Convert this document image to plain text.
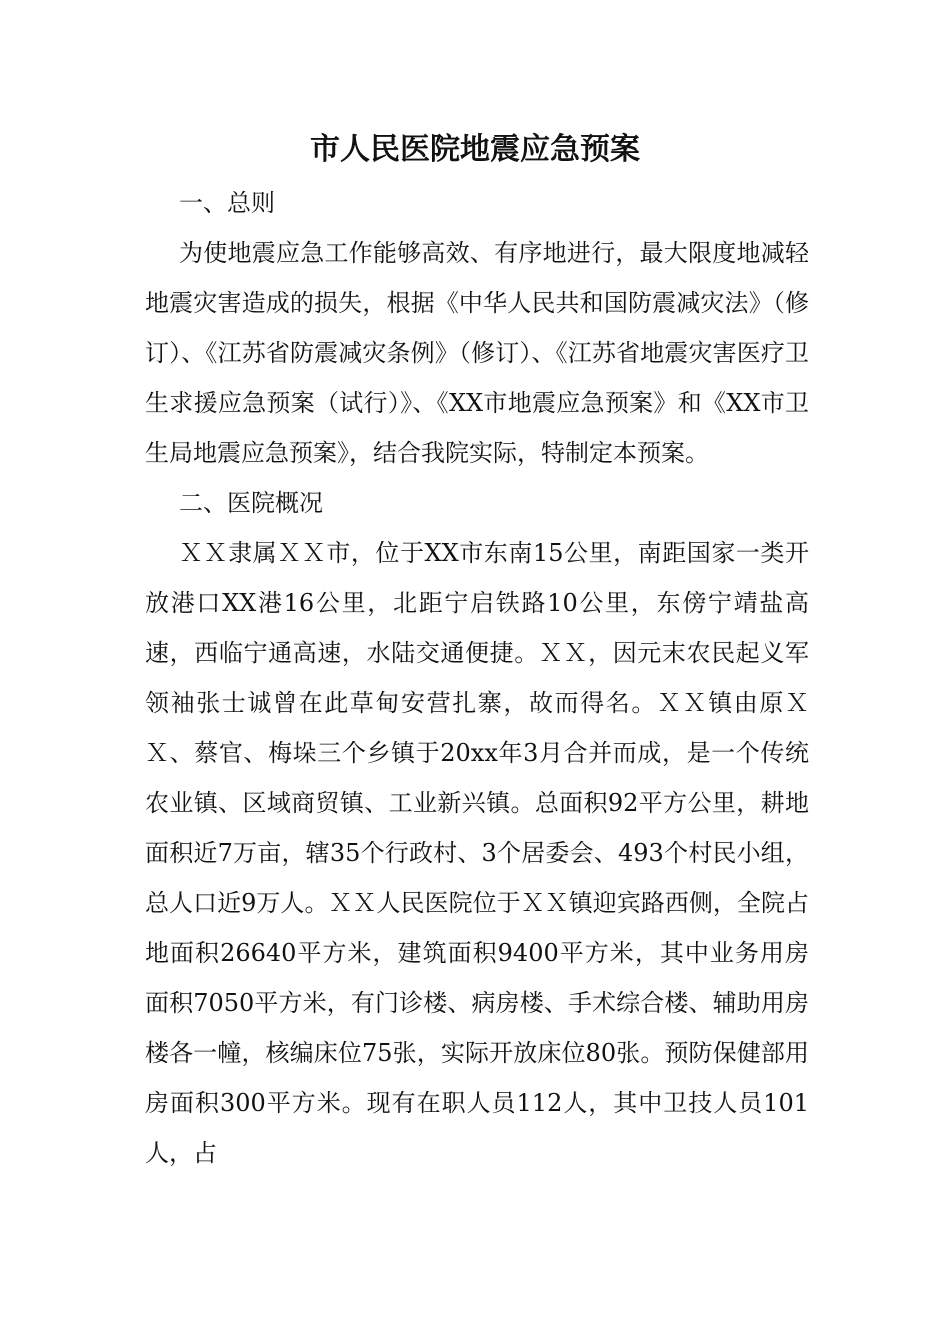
市人民医院地震应急预案

一、总则

为使地震应急工作能够高效、有序地进行，最大限度地减轻地震灾害造成的损失，根据《中华人民共和国防震减灾法》（修订）、《江苏省防震减灾条例》（修订）、《江苏省地震灾害医疗卫生求援应急预案（试行）》、《XX市地震应急预案》和《XX市卫生局地震应急预案》，结合我院实际，特制定本预案。

二、医院概况

ＸＸ隶属ＸＸ市，位于XX市东南15公里，南距国家一类开放港口XX港16公里，北距宁启铁路10公里，东傍宁靖盐高速，西临宁通高速，水陆交通便捷。ＸＸ，因元末农民起义军领袖张士诚曾在此草甸安营扎寨，故而得名。ＸＸ镇由原ＸＸ、蔡官、梅垛三个乡镇于20xx年3月合并而成，是一个传统农业镇、区域商贸镇、工业新兴镇。总面积92平方公里，耕地面积近7万亩，辖35个行政村、3个居委会、493个村民小组，总人口近9万人。ＸＸ人民医院位于ＸＸ镇迎宾路西侧，全院占地面积26640平方米，建筑面积9400平方米，其中业务用房面积7050平方米，有门诊楼、病房楼、手术综合楼、辅助用房楼各一幢，核编床位75张，实际开放床位80张。预防保健部用房面积300平方米。现有在职人员112人，其中卫技人员101人，占
